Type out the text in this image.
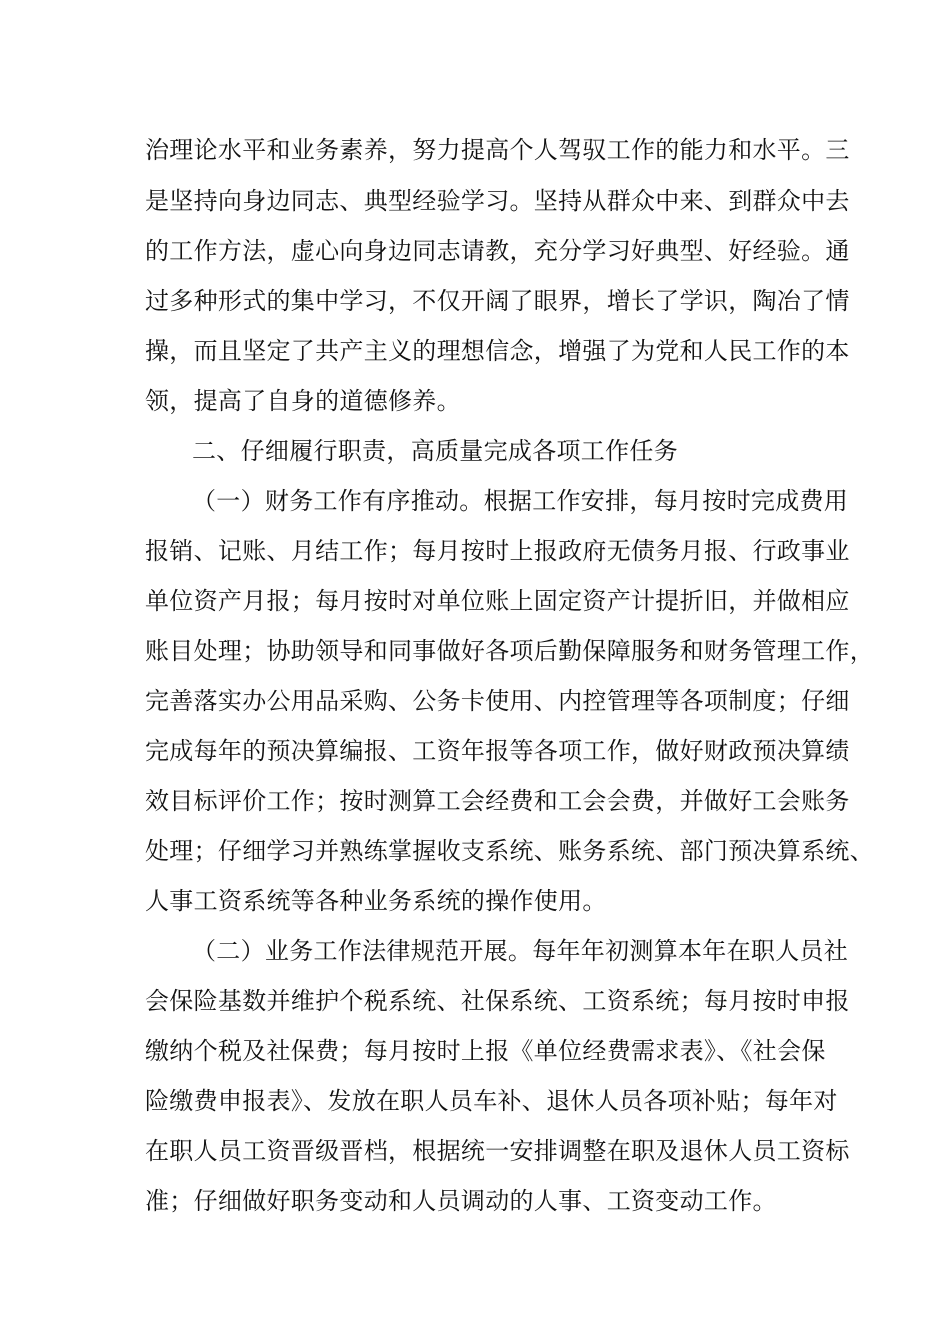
治理论水平和业务素养，努力提高个人驾驭工作的能力和水平。三
是坚持向身边同志、典型经验学习。坚持从群众中来、到群众中去
的工作方法，虚心向身边同志请教，充分学习好典型、好经验。通
过多种形式的集中学习，不仅开阔了眼界，增长了学识，陶冶了情
操，而且坚定了共产主义的理想信念，增强了为党和人民工作的本
领，提高了自身的道德修养。
二、仔细履行职责，高质量完成各项工作任务
（一）财务工作有序推动。根据工作安排，每月按时完成费用
报销、记账、月结工作；每月按时上报政府无债务月报、行政事业
单位资产月报；每月按时对单位账上固定资产计提折旧，并做相应
账目处理；协助领导和同事做好各项后勤保障服务和财务管理工作，
完善落实办公用品采购、公务卡使用、内控管理等各项制度；仔细
完成每年的预决算编报、工资年报等各项工作，做好财政预决算绩
效目标评价工作；按时测算工会经费和工会会费，并做好工会账务
处理；仔细学习并熟练掌握收支系统、账务系统、部门预决算系统、
人事工资系统等各种业务系统的操作使用。
（二）业务工作法律规范开展。每年年初测算本年在职人员社
会保险基数并维护个税系统、社保系统、工资系统；每月按时申报
缴纳个税及社保费；每月按时上报《单位经费需求表》、《社会保
险缴费申报表》、发放在职人员车补、退休人员各项补贴；每年对
在职人员工资晋级晋档，根据统一安排调整在职及退休人员工资标
准；仔细做好职务变动和人员调动的人事、工资变动工作。
